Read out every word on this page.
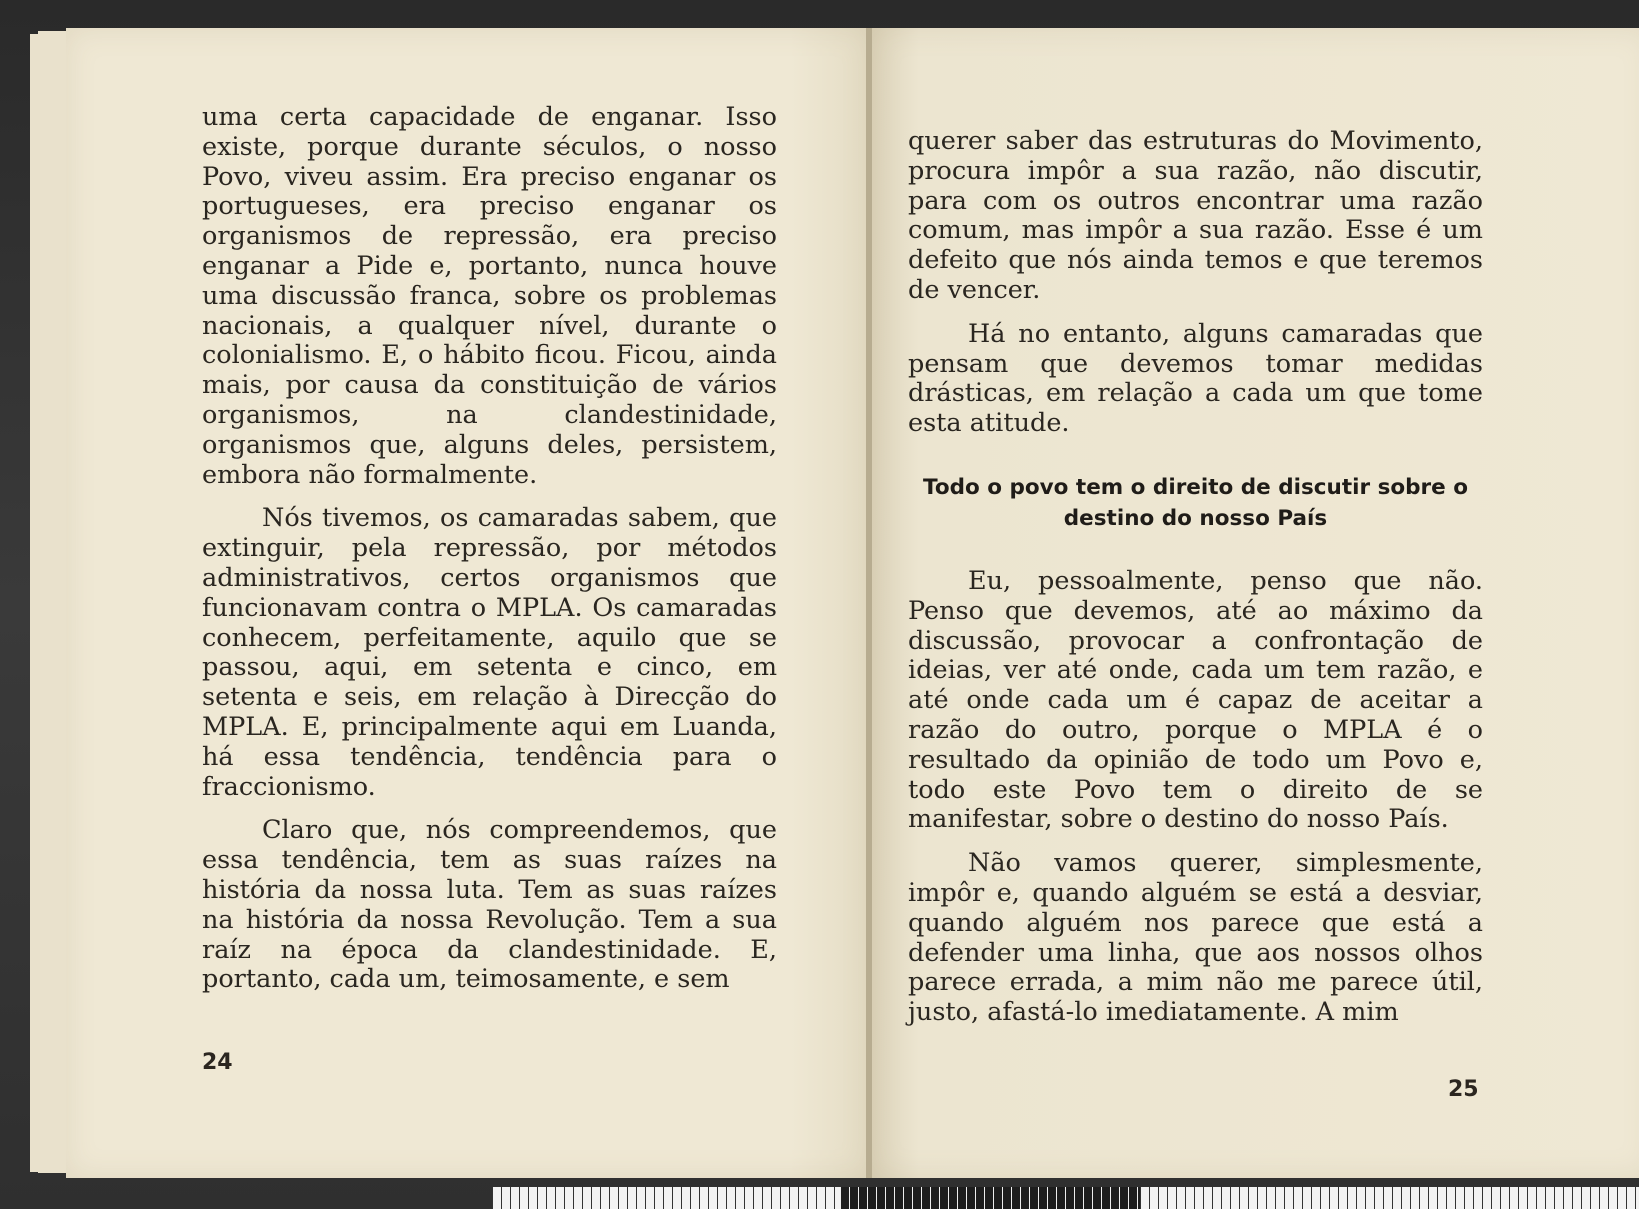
uma certa capacidade de enganar. Isso existe, porque durante séculos, o nosso Povo, viveu assim. Era preciso enganar os portugueses, era preciso enganar os organismos de repressão, era preciso enganar a Pide e, portanto, nunca houve uma discussão franca, sobre os problemas nacionais, a qualquer nível, durante o colonialismo. E, o hábito ficou. Ficou, ainda mais, por causa da constituição de vários organismos, na clandestinidade, organismos que, alguns deles, persistem, embora não formalmente.

Nós tivemos, os camaradas sabem, que extinguir, pela repressão, por métodos administrativos, certos organismos que funcionavam contra o MPLA. Os camaradas conhecem, perfeitamente, aquilo que se passou, aqui, em setenta e cinco, em setenta e seis, em relação à Direcção do MPLA. E, principalmente aqui em Luanda, há essa tendência, tendência para o fraccionismo.

Claro que, nós compreendemos, que essa tendência, tem as suas raízes na história da nossa luta. Tem as suas raízes na história da nossa Revolução. Tem a sua raíz na época da clandestinidade. E, portanto, cada um, teimosamente, e sem

24

querer saber das estruturas do Movimento, procura impôr a sua razão, não discutir, para com os outros encontrar uma razão comum, mas impôr a sua razão. Esse é um defeito que nós ainda temos e que teremos de vencer.

Há no entanto, alguns camaradas que pensam que devemos tomar medidas drásticas, em relação a cada um que tome esta atitude.

Todo o povo tem o direito de discutir sobre o destino do nosso País

Eu, pessoalmente, penso que não. Penso que devemos, até ao máximo da discussão, provocar a confrontação de ideias, ver até onde, cada um tem razão, e até onde cada um é capaz de aceitar a razão do outro, porque o MPLA é o resultado da opinião de todo um Povo e, todo este Povo tem o direito de se manifestar, sobre o destino do nosso País.

Não vamos querer, simplesmente, impôr e, quando alguém se está a desviar, quando alguém nos parece que está a defender uma linha, que aos nossos olhos parece errada, a mim não me parece útil, justo, afastá-lo imediatamente. A mim

25
